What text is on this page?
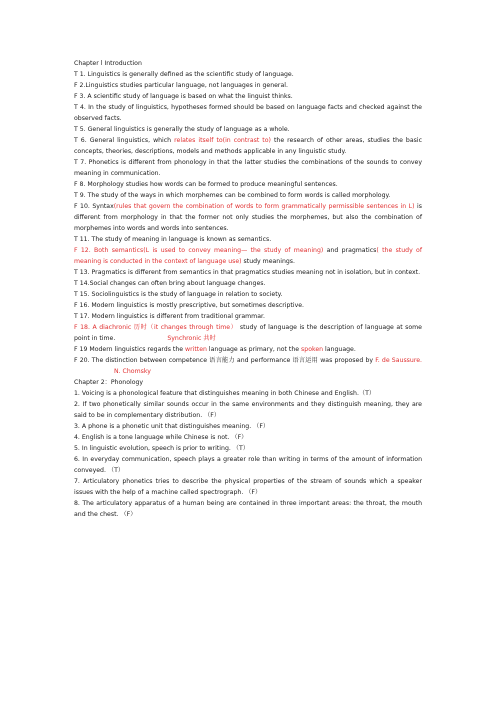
Chapter l Introduction

T 1. Linguistics is generally defined as the scientific study of language.

F 2.Linguistics studies particular language, not languages in general.

F 3. A scientific study of language is based on what the linguist thinks.

T 4. In the study of linguistics, hypotheses formed should be based on language facts and checked against the observed facts.

T 5. General linguistics is generally the study of language as a whole.

T 6. General linguistics, which relates itself to(in contrast to) the research of other areas, studies the basic concepts, theories, descriptions, models and methods applicable in any linguistic study.

T 7. Phonetics is different from phonology in that the latter studies the combinations of the sounds to convey meaning in communication.

F 8. Morphology studies how words can be formed to produce meaningful sentences.

T 9. The study of the ways in which morphemes can be combined to form words is called morphology.

F 10. Syntax(rules that govern the combination of words to form grammatically permissible sentences in L) is different from morphology in that the former not only studies the morphemes, but also the combination of morphemes into words and words into sentences.

T 11. The study of meaning in language is known as semantics.

F 12. Both semantics(L is used to convey meaning— the study of meaning) and pragmatics( the study of meaning is conducted in the context of language use) study meanings.

T 13. Pragmatics is different from semantics in that pragmatics studies meaning not in isolation, but in context.

T 14.Social changes can often bring about language changes.

T 15. Sociolinguistics is the study of language in relation to society.

F 16. Modern linguistics is mostly prescriptive, but sometimes descriptive.

T 17. Modern linguistics is different from traditional grammar.

F 18. A diachronic 历时（it changes through time） study of language is the description of language at some point in time.	Synchronic 共时

F 19 Modern linguistics regards the written language as primary, not the spoken language.

F 20. The distinction between competence 语言能力 and performance 语言运用 was proposed by F. de Saussure.N. Chomsky

Chapter 2：Phonology

1. Voicing is a phonological feature that distinguishes meaning in both Chinese and English.（T）

2. If two phonetically similar sounds occur in the same environments and they distinguish meaning, they are said to be in complementary distribution. （F）

3. A phone is a phonetic unit that distinguishes meaning. （F）

4. English is a tone language while Chinese is not. （F）

5. In linguistic evolution, speech is prior to writing. （T）

6. In everyday communication, speech plays a greater role than writing in terms of the amount of information conveyed. （T）

7. Articulatory phonetics tries to describe the physical properties of the stream of sounds which a speaker issues with the help of a machine called spectrograph. （F）

8. The articulatory apparatus of a human being are contained in three important areas: the throat, the mouth and the chest. （F）
